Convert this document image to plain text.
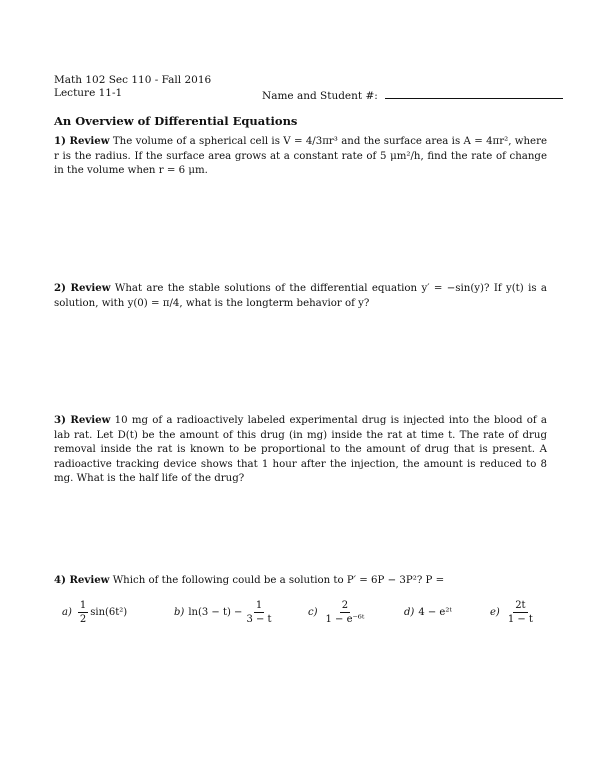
Math 102 Sec 110 - Fall 2016
Lecture 11-1	Name and Student #:
An Overview of Differential Equations
1) Review The volume of a spherical cell is V = 4/3πr³ and the surface area is A = 4πr², where r is the radius. If the surface area grows at a constant rate of 5 μm²/h, find the rate of change in the volume when r = 6 μm.
2) Review What are the stable solutions of the differential equation y′ = −sin(y)? If y(t) is a solution, with y(0) = π/4, what is the longterm behavior of y?
3) Review 10 mg of a radioactively labeled experimental drug is injected into the blood of a lab rat. Let D(t) be the amount of this drug (in mg) inside the rat at time t. The rate of drug removal inside the rat is known to be proportional to the amount of drug that is present. A radioactive tracking device shows that 1 hour after the injection, the amount is reduced to 8 mg. What is the half life of the drug?
4) Review Which of the following could be a solution to P′ = 6P − 3P²? P =
$a) \frac{1}{2} \sin(6t^2)$	b) $\ln(3 - t) - \frac{1}{3 - t}$	$c) \frac{2}{\text{1 − e⁻⁶ᵗ}}$	d) 4 − e²ᵗ	$e) \frac{2t}{1 - t}$
